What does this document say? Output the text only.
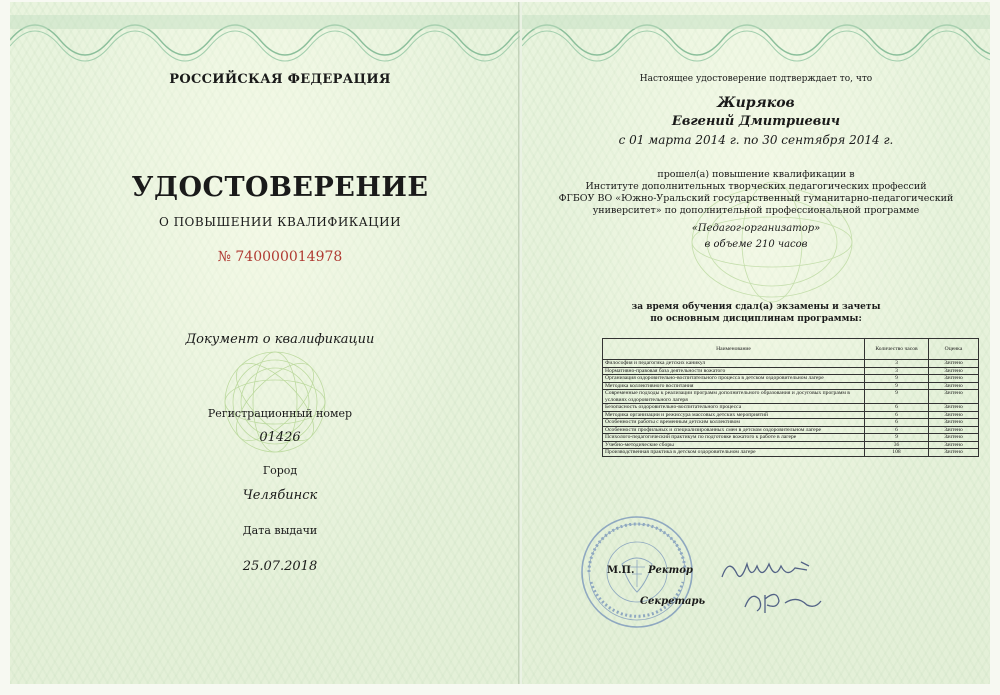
РОССИЙСКАЯ ФЕДЕРАЦИЯ
УДОСТОВЕРЕНИЕ
О ПОВЫШЕНИИ КВАЛИФИКАЦИИ
№ 740000014978
Документ о квалификации
Регистрационный номер
01426
Город
Челябинск
Дата выдачи
25.07.2018
Настоящее удостоверение подтверждает то, что
Жиряков
Евгений Дмитриевич
с 01 марта 2014 г. по 30 сентября 2014 г.
прошел(а) повышение квалификации в
Институте дополнительных творческих педагогических профессий
ФГБОУ ВО «Южно-Уральский государственный гуманитарно-педагогический
университет» по дополнительной профессиональной программе
«Педагог-организатор»
в объеме 210 часов
за время обучения сдал(а) экзамены и зачеты
по основным дисциплинам программы:
Наименование	Количество часов	Оценка
Философия и педагогика детских каникул	3	Зачтено
Нормативно-правовая база деятельности вожатого	3	Зачтено
Организация оздоровительно-воспитательного процесса в детском оздоровительном лагере	9	Зачтено
Методика коллективного воспитания	9	Зачтено
Современные подходы к реализации программ дополнительного образования и досуговых программ в условиях оздоровительного лагеря	9	Зачтено
Безопасность оздоровительно-воспитательного процесса	6	Зачтено
Методика организации и режиссура массовых детских мероприятий	6	Зачтено
Особенности работы с временным детским коллективом	6	Зачтено
Особенности профильных и специализированных смен в детском оздоровительном лагере	6	Зачтено
Психолого-педагогический практикум по подготовке вожатого к работе в лагере	9	Зачтено
Учебно-методические сборы	36	Зачтено
Производственная практика в детском оздоровительном лагере	108	Зачтено
М.П. Ректор
Секретарь
